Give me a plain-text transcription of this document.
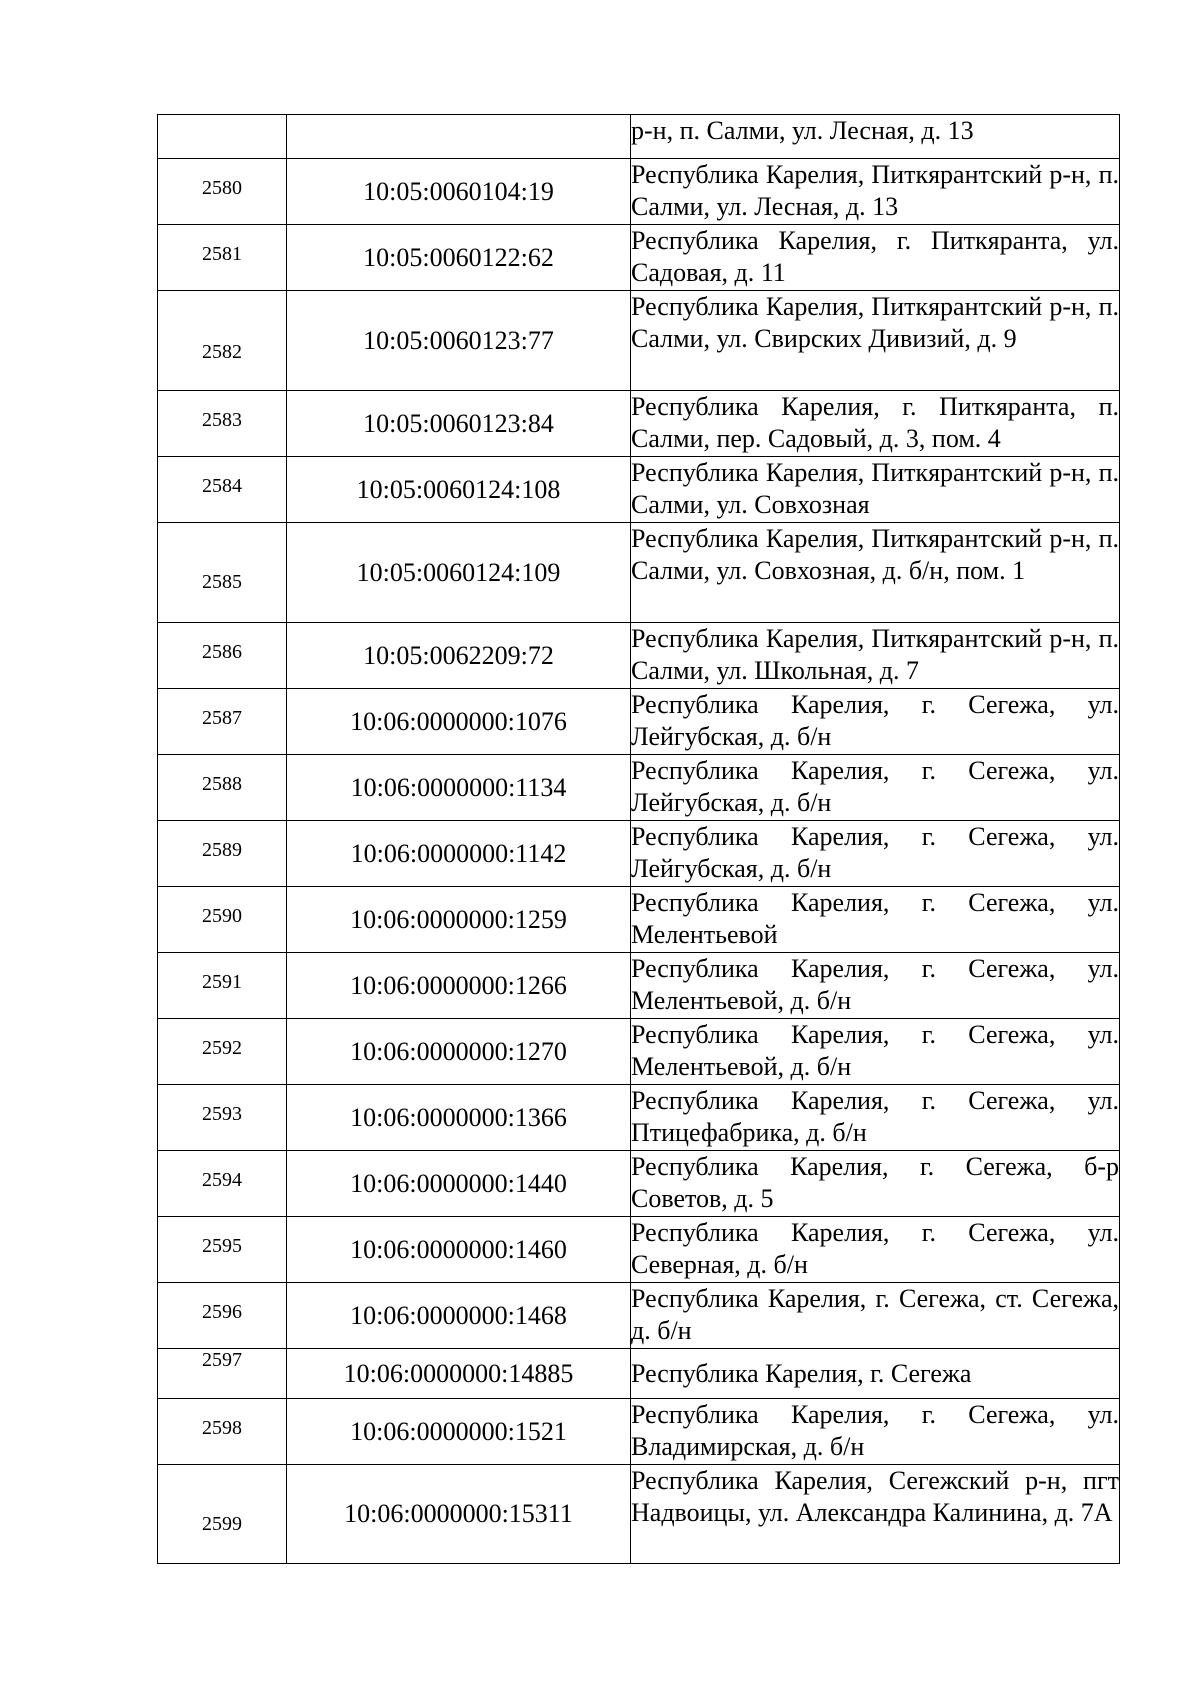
		р-н, п. Салми, ул. Лесная, д. 13
2580	10:05:0060104:19	Республика Карелия, Питкярантский р-н, п. Салми, ул. Лесная, д. 13
2581	10:05:0060122:62	Республика Карелия, г. Питкяранта, ул. Садовая, д. 11
2582	10:05:0060123:77	Республика Карелия, Питкярантский р-н, п. Салми, ул. Свирских Дивизий, д. 9
2583	10:05:0060123:84	Республика Карелия, г. Питкяранта, п. Салми, пер. Садовый, д. 3, пом. 4
2584	10:05:0060124:108	Республика Карелия, Питкярантский р-н, п. Салми, ул. Совхозная
2585	10:05:0060124:109	Республика Карелия, Питкярантский р-н, п. Салми, ул. Совхозная, д. б/н, пом. 1
2586	10:05:0062209:72	Республика Карелия, Питкярантский р-н, п. Салми, ул. Школьная, д. 7
2587	10:06:0000000:1076	Республика Карелия, г. Сегежа, ул. Лейгубская, д. б/н
2588	10:06:0000000:1134	Республика Карелия, г. Сегежа, ул. Лейгубская, д. б/н
2589	10:06:0000000:1142	Республика Карелия, г. Сегежа, ул. Лейгубская, д. б/н
2590	10:06:0000000:1259	Республика Карелия, г. Сегежа, ул. Мелентьевой
2591	10:06:0000000:1266	Республика Карелия, г. Сегежа, ул. Мелентьевой, д. б/н
2592	10:06:0000000:1270	Республика Карелия, г. Сегежа, ул. Мелентьевой, д. б/н
2593	10:06:0000000:1366	Республика Карелия, г. Сегежа, ул. Птицефабрика, д. б/н
2594	10:06:0000000:1440	Республика Карелия, г. Сегежа, б-р Советов, д. 5
2595	10:06:0000000:1460	Республика Карелия, г. Сегежа, ул. Северная, д. б/н
2596	10:06:0000000:1468	Республика Карелия, г. Сегежа, ст. Сегежа, д. б/н
2597	10:06:0000000:14885	Республика Карелия, г. Сегежа
2598	10:06:0000000:1521	Республика Карелия, г. Сегежа, ул. Владимирская, д. б/н
2599	10:06:0000000:15311	Республика Карелия, Сегежский р-н, пгт Надвоицы, ул. Александра Калинина, д. 7А
